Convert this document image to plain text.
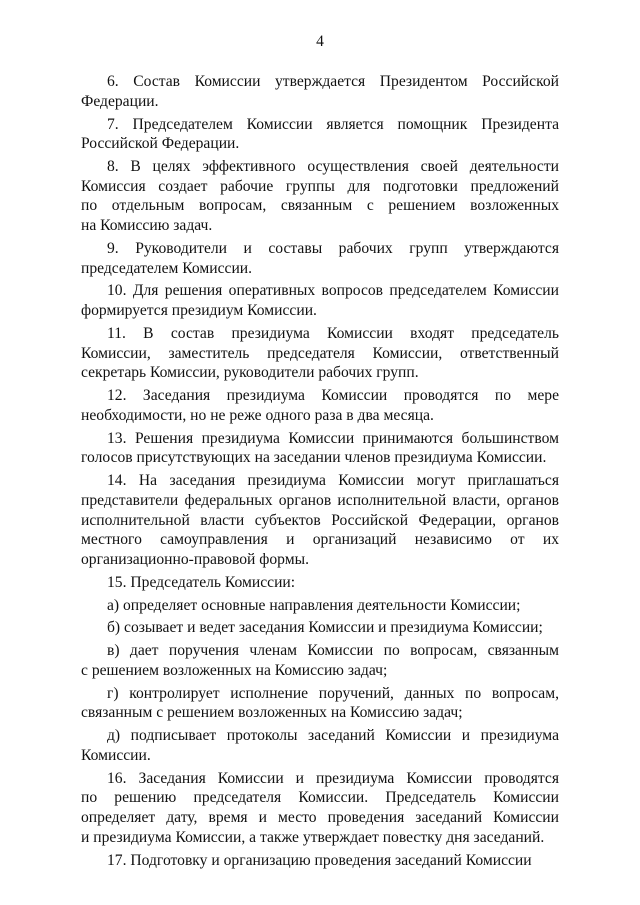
4
6. Состав Комиссии утверждается Президентом Российской
Федерации.
7. Председателем Комиссии является помощник Президента
Российской Федерации.
8. В целях эффективного осуществления своей деятельности
Комиссия создает рабочие группы для подготовки предложений
по отдельным вопросам, связанным с решением возложенных
на Комиссию задач.
9. Руководители и составы рабочих групп утверждаются
председателем Комиссии.
10. Для решения оперативных вопросов председателем Комиссии
формируется президиум Комиссии.
11. В состав президиума Комиссии входят председатель
Комиссии, заместитель председателя Комиссии, ответственный
секретарь Комиссии, руководители рабочих групп.
12. Заседания президиума Комиссии проводятся по мере
необходимости, но не реже одного раза в два месяца.
13. Решения президиума Комиссии принимаются большинством
голосов присутствующих на заседании членов президиума Комиссии.
14. На заседания президиума Комиссии могут приглашаться
представители федеральных органов исполнительной власти, органов
исполнительной власти субъектов Российской Федерации, органов
местного самоуправления и организаций независимо от их
организационно-правовой формы.
15. Председатель Комиссии:
а) определяет основные направления деятельности Комиссии;
б) созывает и ведет заседания Комиссии и президиума Комиссии;
в) дает поручения членам Комиссии по вопросам, связанным
с решением возложенных на Комиссию задач;
г) контролирует исполнение поручений, данных по вопросам,
связанным с решением возложенных на Комиссию задач;
д) подписывает протоколы заседаний Комиссии и президиума
Комиссии.
16. Заседания Комиссии и президиума Комиссии проводятся
по решению председателя Комиссии. Председатель Комиссии
определяет дату, время и место проведения заседаний Комиссии
и президиума Комиссии, а также утверждает повестку дня заседаний.
17. Подготовку и организацию проведения заседаний Комиссии
